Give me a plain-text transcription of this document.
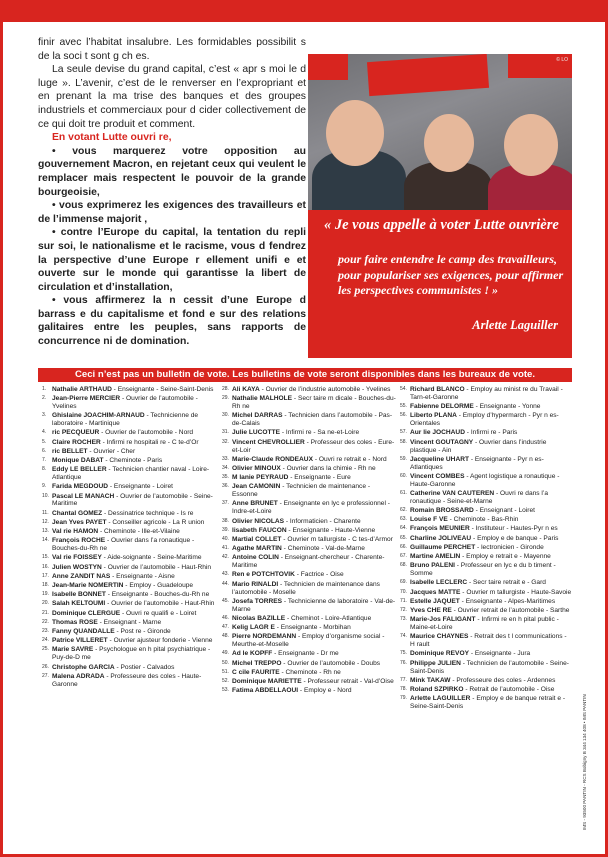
finir avec l’habitat insalubre. Les formidables possibilit s de la soci t sont g ch es.

La seule devise du grand capital, c’est « apr s moi le d luge ». L’avenir, c’est de le renverser en l’expropriant et en prenant la ma trise des banques et des groupes industriels et commerciaux pour d cider collectivement de ce qui doit tre produit et comment.

En votant Lutte ouvri re,

• vous marquerez votre opposition au gouvernement Macron, en rejetant ceux qui veulent le remplacer mais respectent le pouvoir de la grande bourgeoisie,

• vous exprimerez les exigences des travailleurs et de l’immense majorit ,

• contre l’Europe du capital, la tentation du repli sur soi, le nationalisme et le racisme, vous d fendrez la perspective d’une Europe r ellement unifi e et ouverte sur le monde qui garantisse la libert de circulation et d’installation,

• vous affirmerez la n cessit d’une Europe d barrass e du capitalisme et fond e sur des relations galitaires entre les peuples, sans rapports de concurrence ni de domination.

© LO
« Je vous appelle à voter Lutte ouvrière
pour faire entendre le camp des travailleurs, pour populariser ses exigences, pour affirmer les perspectives communistes ! »
Arlette Laguiller
Ceci n’est pas un bulletin de vote. Les bulletins de vote seront disponibles dans les bureaux de vote.
1. Nathalie ARTHAUD - Enseignante - Seine-Saint-Denis
2. Jean-Pierre MERCIER - Ouvrier de l’automobile - Yvelines
3. Ghislaine JOACHIM-ARNAUD - Technicienne de laboratoire - Martinique
4. ric PECQUEUR - Ouvrier de l’automobile - Nord
5. Claire ROCHER - Infirmi re hospitali re - C te-d’Or
6. ric BELLET - Ouvrier - Cher
7. Monique DABAT - Cheminote - Paris
8. Eddy LE BELLER - Technicien chantier naval - Loire-Atlantique
9. Farida MEGDOUD - Enseignante - Loiret
10. Pascal LE MANACH - Ouvrier de l’automobile - Seine-Maritime
11. Chantal GOMEZ - Dessinatrice technique - Is re
12. Jean Yves PAYET - Conseiller agricole - La R union
13. Val rie HAMON - Cheminote - Ille-et-Vilaine
14. François ROCHE - Ouvrier dans l’a ronautique - Bouches-du-Rh ne
15. Val rie FOISSEY - Aide-soignante - Seine-Maritime
16. Julien WOSTYN - Ouvrier de l’automobile - Haut-Rhin
17. Anne ZANDIT NAS - Enseignante - Aisne
18. Jean-Marie NOMERTIN - Employ - Guadeloupe
19. Isabelle BONNET - Enseignante - Bouches-du-Rh ne
20. Salah KELTOUMI - Ouvrier de l’automobile - Haut-Rhin
21. Dominique CLERGUE - Ouvri re qualifi e - Loiret
22. Thomas ROSE - Enseignant - Marne
23. Fanny QUANDALLE - Post re - Gironde
24. Patrice VILLERET - Ouvrier ajusteur fonderie - Vienne
25. Marie SAVRE - Psychologue en h pital psychiatrique - Puy-de-D me
26. Christophe GARCIA - Postier - Calvados
27. Malena ADRADA - Professeure des coles - Haute-Garonne
28. Ali KAYA - Ouvrier de l’industrie automobile - Yvelines
29. Nathalie MALHOLE - Secr taire m dicale - Bouches-du-Rh ne
30. Michel DARRAS - Technicien dans l’automobile - Pas-de-Calais
31. Julie LUCOTTE - Infirmi re - Sa ne-et-Loire
32. Vincent CHEVROLLIER - Professeur des coles - Eure-et-Loir
33. Marie-Claude RONDEAUX - Ouvri re retrait e - Nord
34. Olivier MINOUX - Ouvrier dans la chimie - Rh ne
35. M lanie PEYRAUD - Enseignante - Eure
36. Jean CAMONIN - Technicien de maintenance - Essonne
37. Anne BRUNET - Enseignante en lyc e professionnel - Indre-et-Loire
38. Olivier NICOLAS - Informaticien - Charente
39. lisabeth FAUCON - Enseignante - Haute-Vienne
40. Martial COLLET - Ouvrier m tallurgiste - C tes-d’Armor
41. Agathe MARTIN - Cheminote - Val-de-Marne
42. Antoine COLIN - Enseignant-chercheur - Charente-Maritime
43. Ren e POTCHTOVIK - Factrice - Oise
44. Mario RINALDI - Technicien de maintenance dans l’automobile - Moselle
45. Josefa TORRES - Technicienne de laboratoire - Val-de-Marne
46. Nicolas BAZILLE - Cheminot - Loire-Atlantique
47. Kelig LAGR E - Enseignante - Morbihan
48. Pierre NORDEMANN - Employ d’organisme social - Meurthe-et-Moselle
49. Ad le KOPFF - Enseignante - Dr me
50. Michel TREPPO - Ouvrier de l’automobile - Doubs
51. C cile FAURITE - Cheminote - Rh ne
52. Dominique MARIETTE - Professeur retrait - Val-d’Oise
53. Fatima ABDELLAOUI - Employ e - Nord
54. Richard BLANCO - Employ au minist re du Travail - Tarn-et-Garonne
55. Fabienne DELORME - Enseignante - Yonne
56. Liberto PLANA - Employ d’hypermarch - Pyr n es-Orientales
57. Aur lie JOCHAUD - Infirmi re - Paris
58. Vincent GOUTAGNY - Ouvrier dans l’industrie plastique - Ain
59. Jacqueline UHART - Enseignante - Pyr n es-Atlantiques
60. Vincent COMBES - Agent logistique a ronautique - Haute-Garonne
61. Catherine VAN CAUTEREN - Ouvri re dans l’a ronautique - Seine-et-Marne
62. Romain BROSSARD - Enseignant - Loiret
63. Louise F VE - Cheminote - Bas-Rhin
64. François MEUNIER - Instituteur - Hautes-Pyr n es
65. Charline JOLIVEAU - Employ e de banque - Paris
66. Guillaume PERCHET - lectronicien - Gironde
67. Martine AMELIN - Employ e retrait e - Mayenne
68. Bruno PALENI - Professeur en lyc e du b timent - Somme
69. Isabelle LECLERC - Secr taire retrait e - Gard
70. Jacques MATTE - Ouvrier m tallurgiste - Haute-Savoie
71. Estelle JAQUET - Enseignante - Alpes-Maritimes
72. Yves CHE RE - Ouvrier retrait de l’automobile - Sarthe
73. Marie-Jos FALIGANT - Infirmi re en h pital public - Maine-et-Loire
74. Maurice CHAYNES - Retrait des t l communications - H rault
75. Dominique REVOY - Enseignante - Jura
76. Philippe JULIEN - Technicien de l’automobile - Seine-Saint-Denis
77. Mink TAKAW - Professeure des coles - Ardennes
78. Roland SZPIRKO - Retrait de l’automobile - Oise
79. Arlette LAGUILLER - Employ e de banque retrait e - Seine-Saint-Denis	IMS - 93500 PANTIN - RCS Bobigny B 344 134 408 • IMS PANTIN
